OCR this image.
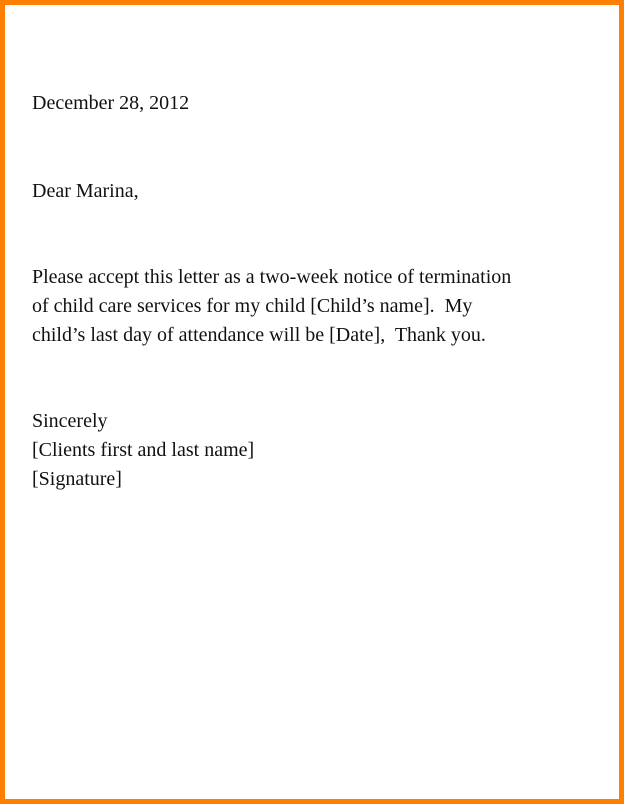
December 28, 2012
Dear Marina,
Please accept this letter as a two-week notice of termination
of child care services for my child [Child’s name].  My
child’s last day of attendance will be [Date],  Thank you.
Sincerely
[Clients first and last name]
[Signature]
